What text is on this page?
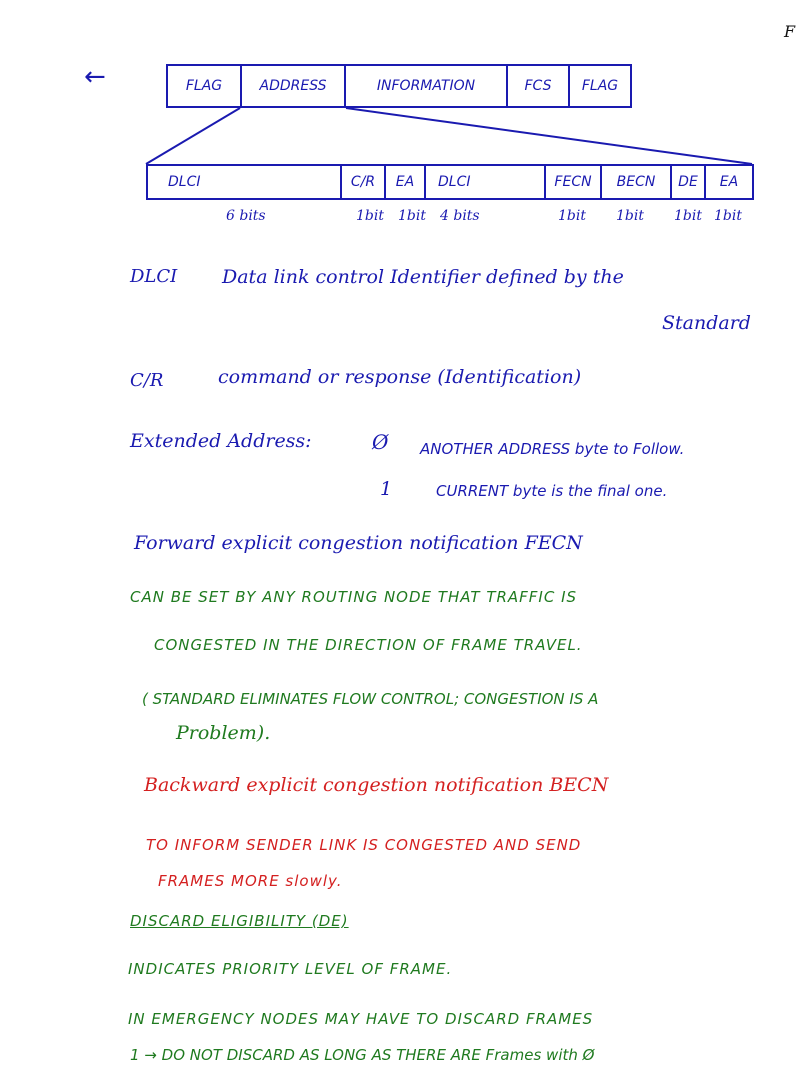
F
←	FLAG	ADDRESS	INFORMATION	FCS	FLAG
DLCI	C/R	EA	DLCI	FECN	BECN	DE	EA
6 bits	1bit 1bit 4 bits	1bit 1bit 1bit 1bit
DLCI Data link control Identifier defined by the
Standard
C/R	command or response (Identification)
Extended Address:	Ø ANOTHER ADDRESS byte to Follow.
1	CURRENT byte is the final one.
Forward explicit congestion notification FECN
CAN BE SET BY ANY ROUTING NODE THAT TRAFFIC IS
CONGESTED IN THE DIRECTION OF FRAME TRAVEL.
( STANDARD ELIMINATES FLOW CONTROL; CONGESTION IS A
Problem).
Backward explicit congestion notification BECN
TO INFORM SENDER LINK IS CONGESTED AND SEND
FRAMES MORE slowly.
DISCARD ELIGIBILITY (DE)
INDICATES PRIORITY LEVEL OF FRAME.
IN EMERGENCY NODES MAY HAVE TO DISCARD FRAMES
1 → DO NOT DISCARD AS LONG AS THERE ARE Frames with Ø
